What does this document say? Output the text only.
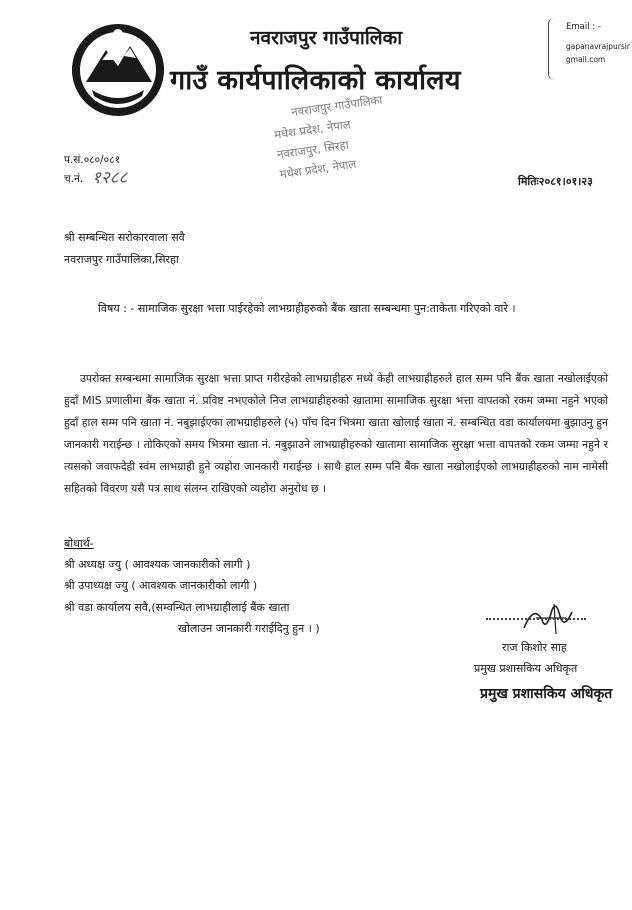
नवराजपुर गाउँपालिका
गाउँ कार्यपालिकाको कार्यालय
Email : -
gapanavrajpursir
gmail.com
नवराजपुर गाउँपालिका
मधेश प्रदेश, नेपाल
नवराजपुर, सिरहा
मधेश प्रदेश, नेपाल
प.सं.०८०/०८१
च.नं. १२८८	मितिः२०८१।०१।२३
श्री सम्बन्धित सरोकारवाला सवै
नवराजपुर गाउँपालिका,सिरहा
विषय : - सामाजिक सुरक्षा भत्ता पाईरहेको लाभग्राहीहरुको बैंक खाता सम्बन्धमा पुन:ताकेता गरिएको वारे ।
उपरोक्त सम्बन्धमा सामाजिक सुरक्षा भत्ता प्राप्त गरीरहेको लाभग्राहीहरु मध्ये केही लाभग्राहीहरुले हाल सम्म पनि बैंक खाता नखोलाईएको हुदाँ MIS प्रणालीमा बैंक खाता नं. प्रविष्ट नभएकोले निज लाभग्राहीहरुको खातामा सामाजिक सुरक्षा भत्ता वापतको रकम जम्मा नहुने भएको हुदाँ हाल सम्म पनि खाता नं. नबुझाईएका लाभग्राहीहरुले (५) पाँच दिन भित्रमा खाता खोलाई खाता नं. सम्बन्धित वडा कार्यालयमा बुझाउनु हुन जानकारी गराईन्छ । तोकिएको समय भित्रमा खाता नं. नबुझाउने लाभग्राहीहरुको खातामा सामाजिक सुरक्षा भत्ता वापतको रकम जम्मा नहुने र त्यसको जवाफदेही स्वंम लाभग्राही हुने व्यहोरा जानकारी गराईन्छ । साथै हाल सम्म पनि बैंक खाता नखोलाईएको लाभग्राहीहरुको नाम नामेसी सहितको विवरण यसै पत्र साथ संलग्न राखिएको व्यहोरा अनुरोध छ ।
बोधार्थ-
श्री अध्यक्ष ज्यु ( आवश्यक जानकारीको लागी )
श्री उपाध्यक्ष ज्यु ( आवश्यक जानकारीको लागी )
श्री वडा कार्यालय सवै,(सम्वन्धित लाभग्राहीलाई बैंक खाता
खोलाउन जानकारी गराईदिनु हुन । )
राज किशोर साह
प्रमुख प्रशासकिय अधिकृत
प्रमुख प्रशासकिय अधिकृत
